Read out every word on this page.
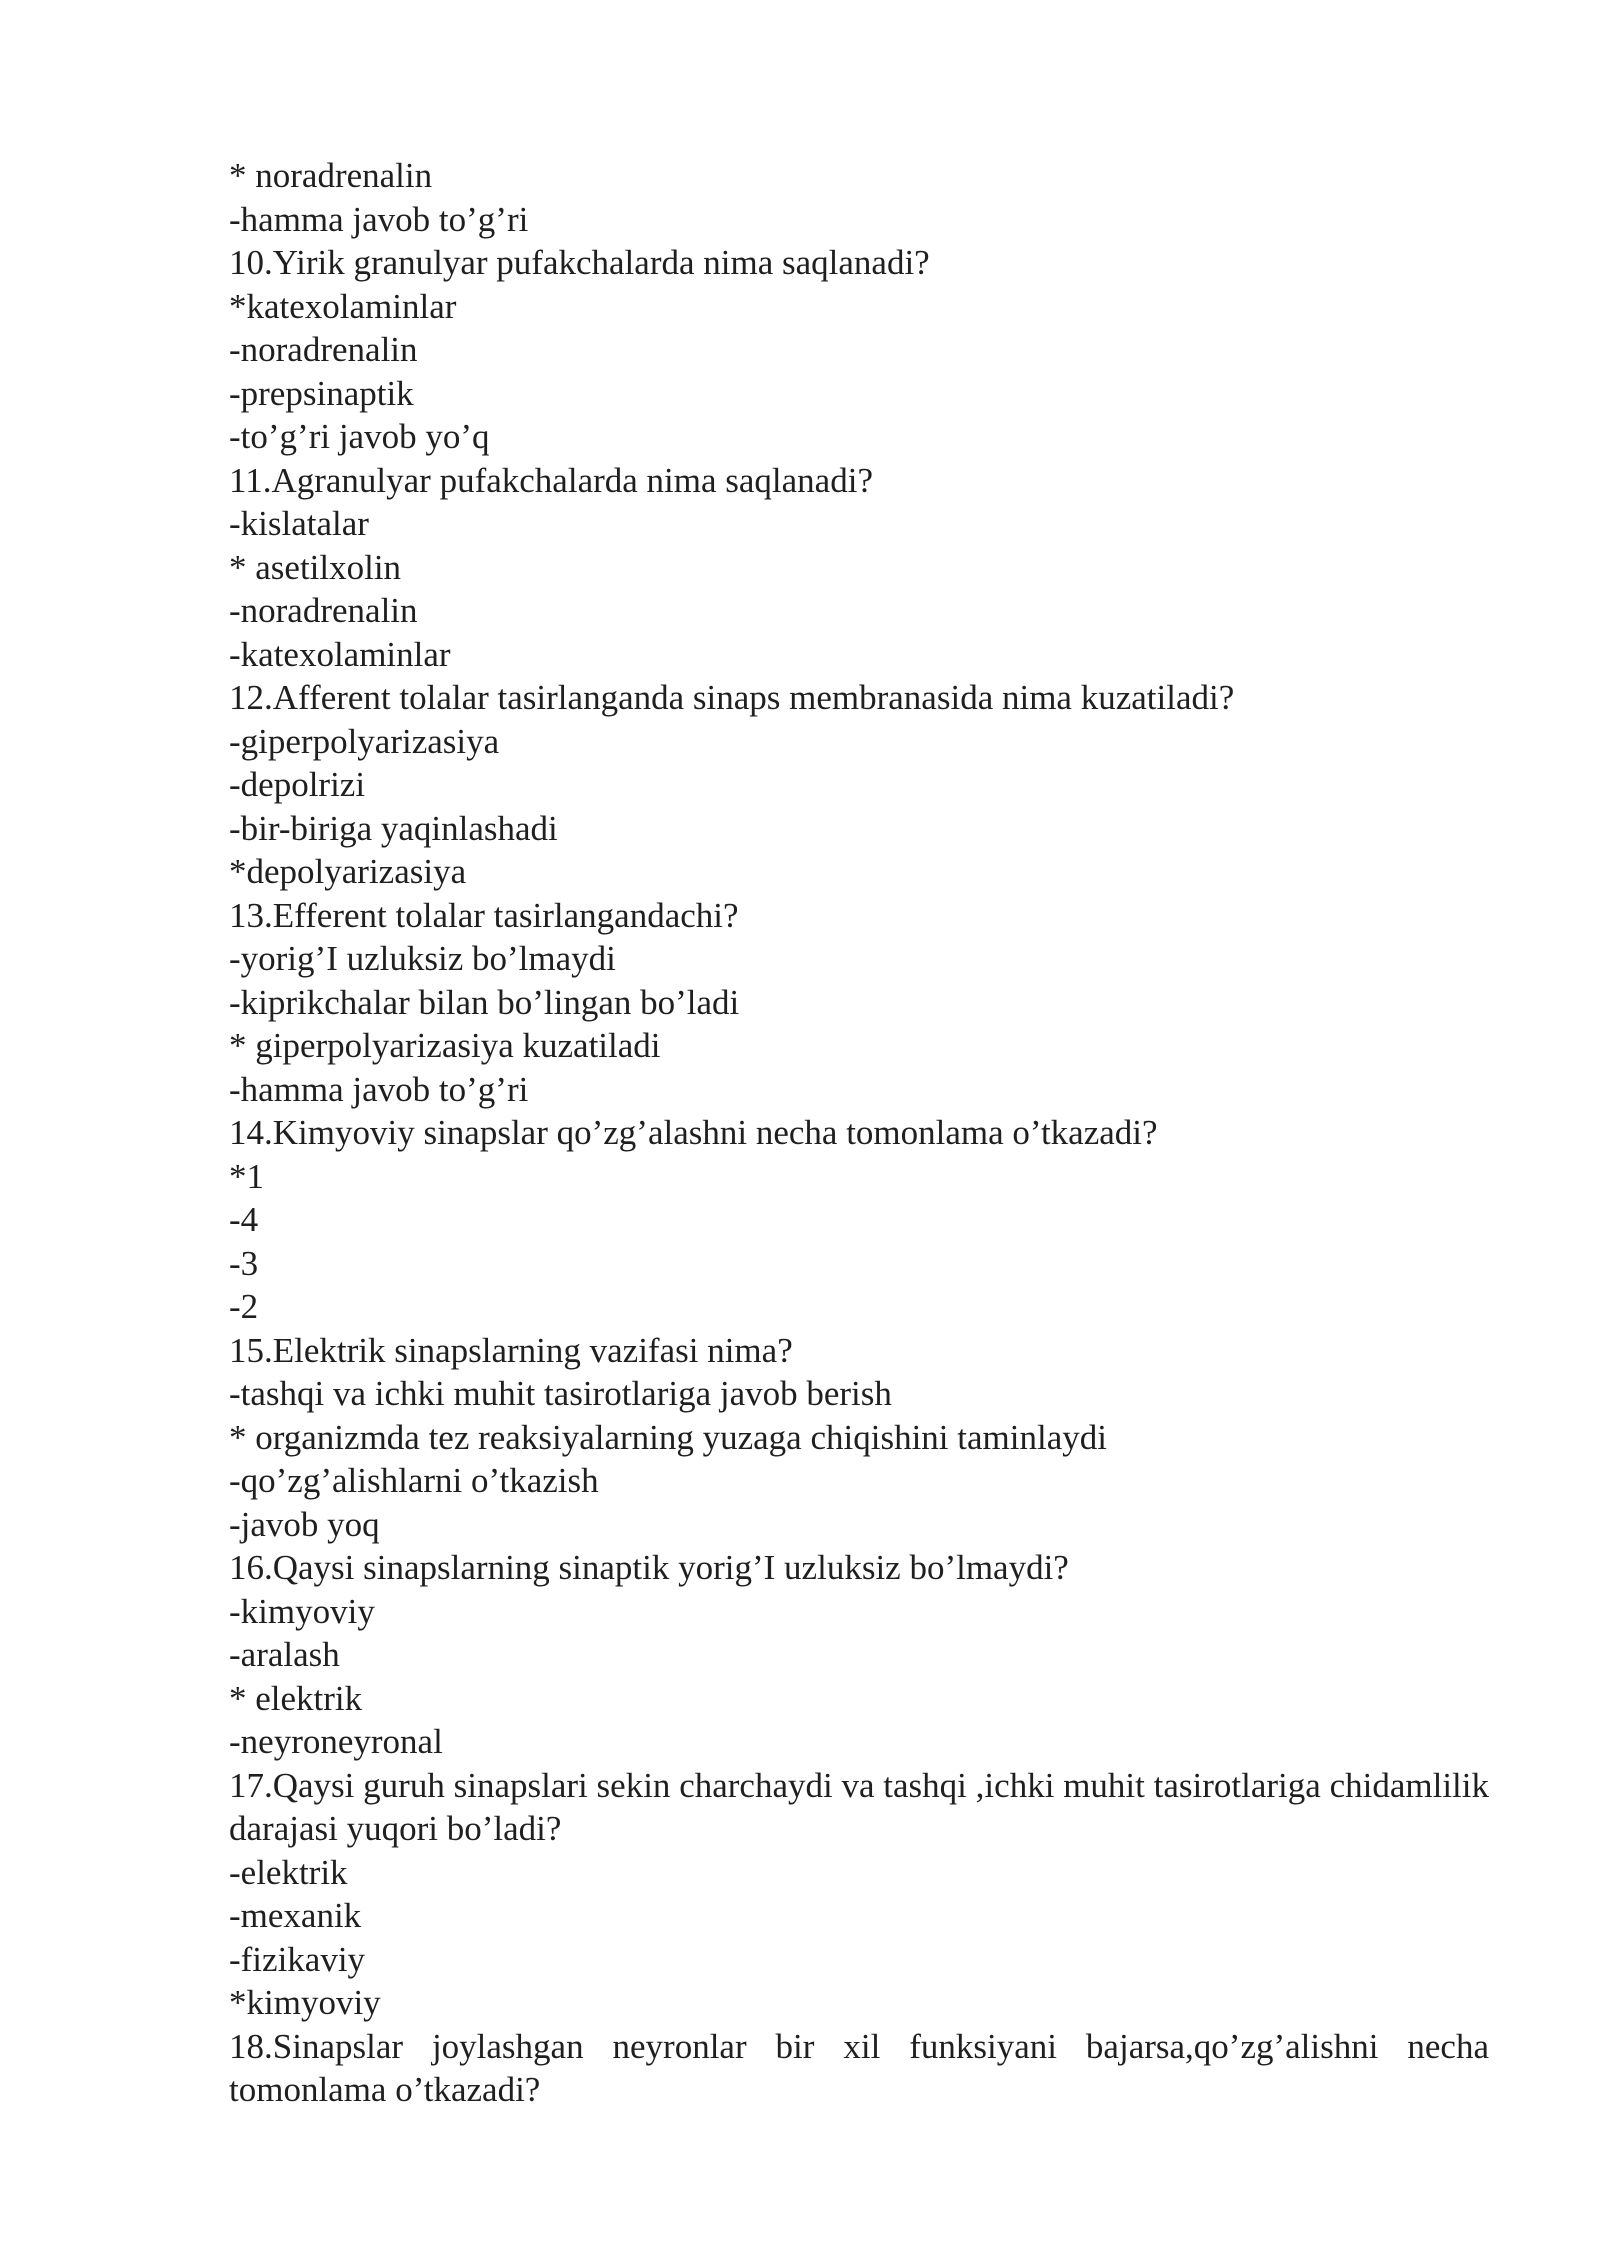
* noradrenalin

-hamma javob to’g’ri

10.Yirik granulyar pufakchalarda nima saqlanadi?

*katexolaminlar

-noradrenalin

-prepsinaptik

-to’g’ri javob yo’q

11.Agranulyar pufakchalarda nima saqlanadi?

-kislatalar

* asetilxolin

-noradrenalin

-katexolaminlar

12.Afferent tolalar tasirlanganda sinaps membranasida nima kuzatiladi?

-giperpolyarizasiya

-depolrizi

-bir-biriga yaqinlashadi

*depolyarizasiya

13.Efferent tolalar tasirlangandachi?

-yorig’I uzluksiz bo’lmaydi

-kiprikchalar bilan bo’lingan bo’ladi

* giperpolyarizasiya kuzatiladi

-hamma javob to’g’ri

14.Kimyoviy sinapslar qo’zg’alashni necha tomonlama o’tkazadi?

*1

-4

-3

-2

15.Elektrik sinapslarning vazifasi nima?

-tashqi va ichki muhit tasirotlariga javob berish

* organizmda tez reaksiyalarning yuzaga chiqishini taminlaydi

-qo’zg’alishlarni o’tkazish

-javob yoq

16.Qaysi sinapslarning sinaptik yorig’I uzluksiz bo’lmaydi?

-kimyoviy

-aralash

* elektrik

-neyroneyronal

17.Qaysi guruh sinapslari sekin charchaydi va tashqi ,ichki muhit tasirotlariga chidamlilik darajasi yuqori bo’ladi?

-elektrik

-mexanik

-fizikaviy

*kimyoviy

18.Sinapslar joylashgan neyronlar bir xil funksiyani bajarsa,qo’zg’alishni necha tomonlama o’tkazadi?
